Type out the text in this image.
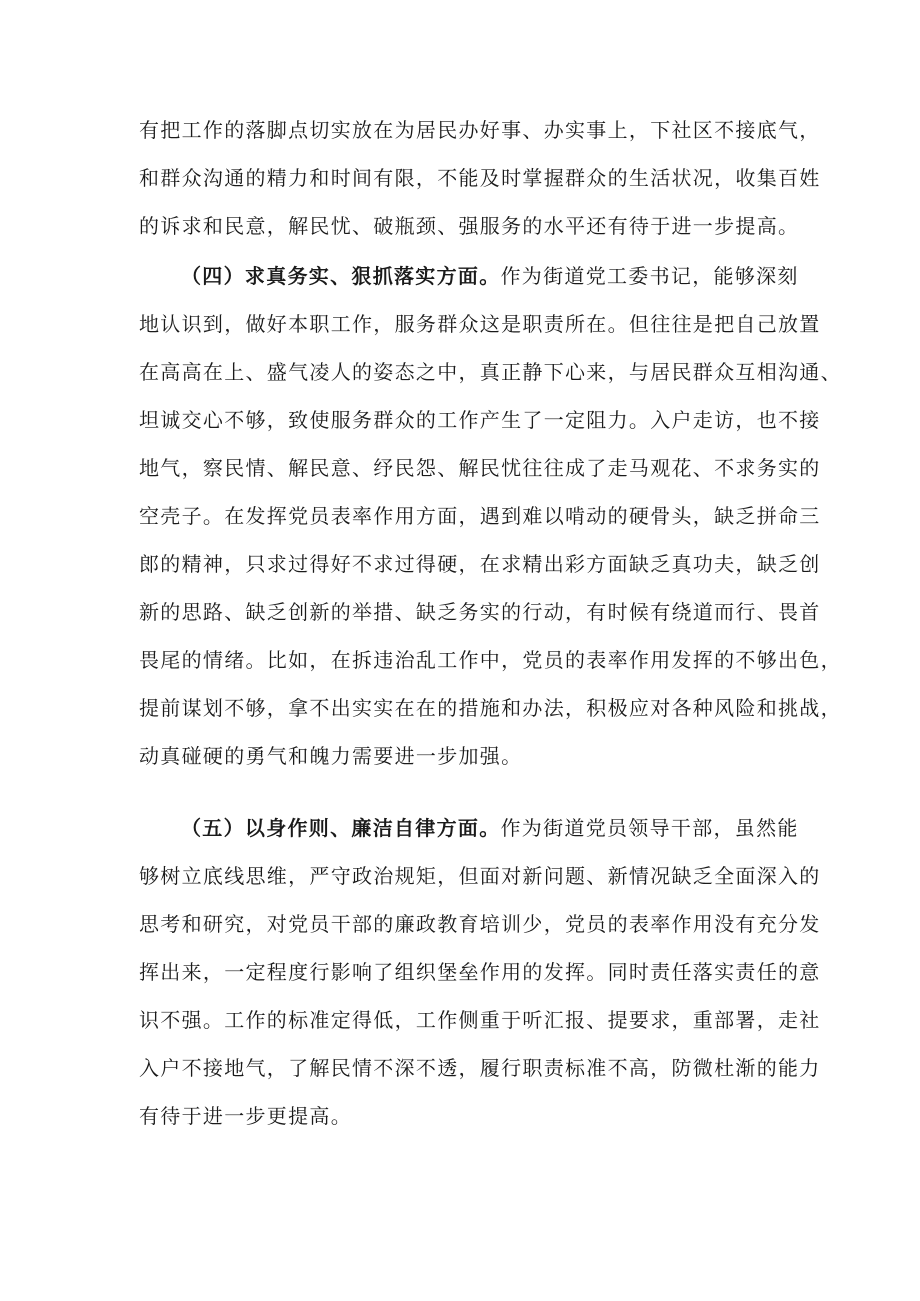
有把工作的落脚点切实放在为居民办好事、办实事上，下社区不接底气，
和群众沟通的精力和时间有限，不能及时掌握群众的生活状况，收集百姓
的诉求和民意，解民忧、破瓶颈、强服务的水平还有待于进一步提高。
（四）求真务实、狠抓落实方面。作为街道党工委书记，能够深刻
地认识到，做好本职工作，服务群众这是职责所在。但往往是把自己放置
在高高在上、盛气凌人的姿态之中，真正静下心来，与居民群众互相沟通、
坦诚交心不够，致使服务群众的工作产生了一定阻力。入户走访，也不接
地气，察民情、解民意、纾民怨、解民忧往往成了走马观花、不求务实的
空壳子。在发挥党员表率作用方面，遇到难以啃动的硬骨头，缺乏拼命三
郎的精神，只求过得好不求过得硬，在求精出彩方面缺乏真功夫，缺乏创
新的思路、缺乏创新的举措、缺乏务实的行动，有时候有绕道而行、畏首
畏尾的情绪。比如，在拆违治乱工作中，党员的表率作用发挥的不够出色，
提前谋划不够，拿不出实实在在的措施和办法，积极应对各种风险和挑战，
动真碰硬的勇气和魄力需要进一步加强。
（五）以身作则、廉洁自律方面。作为街道党员领导干部，虽然能
够树立底线思维，严守政治规矩，但面对新问题、新情况缺乏全面深入的
思考和研究，对党员干部的廉政教育培训少，党员的表率作用没有充分发
挥出来，一定程度行影响了组织堡垒作用的发挥。同时责任落实责任的意
识不强。工作的标准定得低，工作侧重于听汇报、提要求，重部署，走社
入户不接地气，了解民情不深不透，履行职责标准不高，防微杜渐的能力
有待于进一步更提高。
